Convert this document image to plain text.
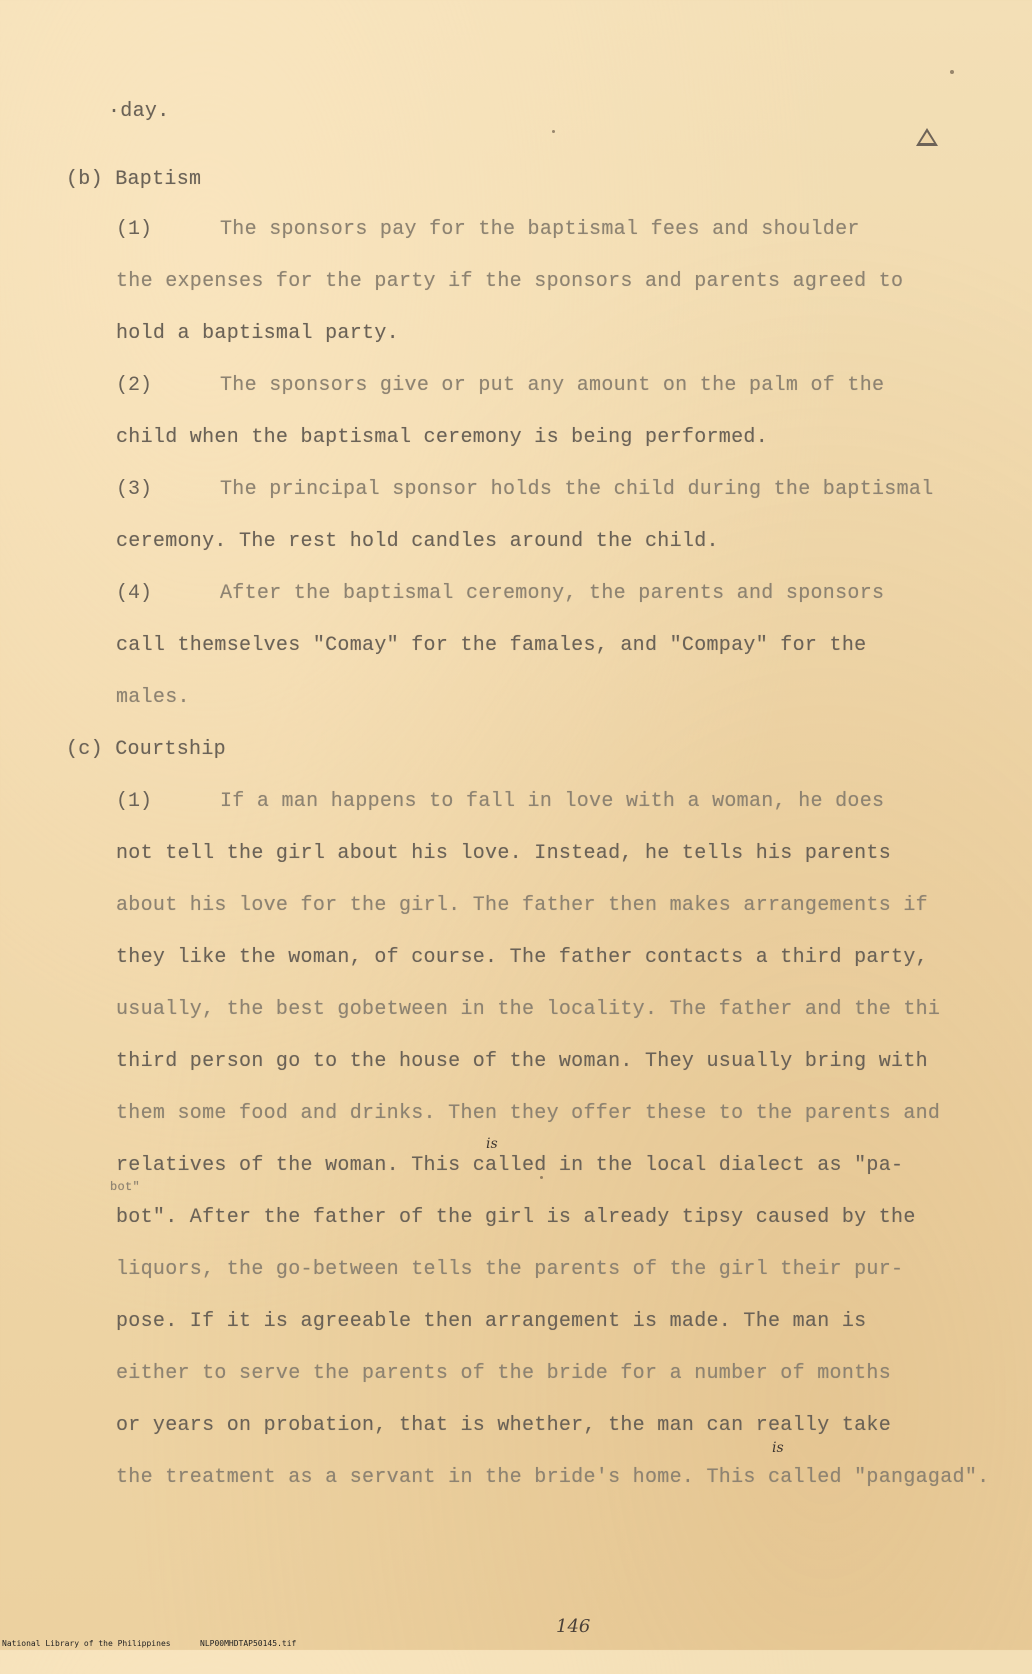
·day.
(b) Baptism
(1)	The sponsors pay for the baptismal fees and shoulder
the expenses for the party if the sponsors and parents agreed to
hold a baptismal party.
(2)	The sponsors give or put any amount on the palm of the
child when the baptismal ceremony is being performed.
(3)	The principal sponsor holds the child during the baptismal
ceremony. The rest hold candles around the child.
(4)	After the baptismal ceremony, the parents and sponsors
call themselves "Comay" for the famales, and "Compay" for the
males.
(c) Courtship
(1)	If a man happens to fall in love with a woman, he does
not tell the girl about his love. Instead, he tells his parents
about his love for the girl. The father then makes arrangements if
they like the woman, of course. The father contacts a third party,
usually, the best gobetween in the locality. The father and the thi
third person go to the house of the woman. They usually bring with
them some food and drinks. Then they offer these to the parents and
is
relatives of the woman. This called in the local dialect as "pa-
bot"
bot". After the father of the girl is already tipsy caused by the
liquors, the go-between tells the parents of the girl their pur-
pose. If it is agreeable then arrangement is made. The man is
either to serve the parents of the bride for a number of months
or years on probation, that is whether, the man can really take
is
the treatment as a servant in the bride's home. This called "pangagad".
146

National Library of the Philippines

	NLP00MHDTAP50145.tif
